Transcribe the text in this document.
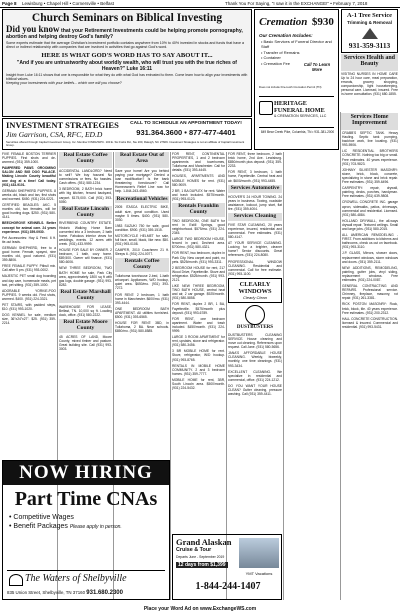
Page 8 Lewisburg • Chapel Hill • Cornersville • Belfast	Thank You For Saying, "I saw it in the EXCHANGE!" • February 7, 2018
Church Seminars on Biblical Investing
Did you know that your Retirement Investments could be helping promote pornography, abortion and helping destroy God's family?
Some experts estimate that the average Christian's investment portfolio contains anywhere from 10% to 40% invested in stocks and funds that have a direct or indirect relationship with companies that are involved in activities that go against God's word.
HERE IS WHAT GOD'S WORD HAS TO SAY ABOUT IT...
"And if you are untrustworthy about worldly wealth, who will trust you with the true riches of Heaven?" Luke 16:11
Insight from Luke 16:11 shows that one is responsible for what they do with what God has entrusted to them. Come learn how to align your investments with biblical values.
Keeping your investments with your beliefs... which one will you choose?
INVESTMENT STRATEGIES
Jim Garrison, CSA, RFC, ED.D
CALL TO SCHEDULE AN APPOINTMENT TODAY!
931.364.3600 • 877-477-4401
Securities offered through Capital Investment Group, Inc. Member FINRA/SIPC. 100 E. Six Forks Rd., Ste 200, Raleigh, NC 27609. Investment Strategies is not an affiliate of Capital Investment Group.
Cremation $930
Our Cremation Includes:
• Basic Services of Funeral Director and Staff
• Transfer of Remains
• Container
• Cremation Fee	Call To Learn More
Does not include Fire-tooth Cremation Permit (TN)
HERITAGE FUNERAL HOME
& CREMATION SERVICES, LLC
849 Bear Creek Pike, Columbia, TN • 931-381-2000
A-1 Tree Service
Trimming & Removal
931-359-3113
Services Health and Beauty

VISITING NURSES IN HOME CARE Up to 24 hour care, meal preparation, errands, grocery shopping, companionship, light housekeeping, personal care. Licensed, insured. Free in-home consultation. (931) 680-1855.

Services Home Improvement

FIVE FEMALE BOSTON TERRIER PUPPIES. First shots and de-wormed. (931) 359-1000.

PAMPERED PAWS GROOMING SALON AND BIG DOG PALACE. Making Lincoln County beautiful one dog at a time! Call today. (931) 433-9101.

GERMAN SHEPHERD PUPPIES. 8 weeks old, black and tan, first shots and wormed. $450. (931) 224-0221.

CERTIFIED BEAGLES: AKC. 5 months old, two females, will be good hunting dogs. $250. (931) 580-4141.

BEECHGROVE KENNELS. Better concept for animal care. 24 years experience. (931) 359-0930.

Pet Accessories: Hay & Feed. 6 ft. tie-out leads.

GERMAN SHEPHERD, free to a good home. Female, spayed, nine months old, good natured. (931) 359-8806.

FREE FEMALE PUPPY. Pitbull mix. Call after 5 pm. (931) 993-0002.

MAJESTIC PET small dog boarding and day care, homemade meals, pet taxi, pet sitting. (931) 359-1000.

ADORABLE YORKIE-POO PUPPIES. 9 weeks old. First shots, wormed. $400. (931) 224-3321.

PET STAIRS, with padded steps, $10. (931) 993-1020.

DOG KENNEL for sale, medium size, 36"x24"x27". $25. (931) 359-2214.

Real Estate Coffee County

ACCIDENTAL LANDLORD? Need to sell? We buy houses! No commissions or fees. No hassles. Cash offers. (931) 580-1234.

3 BEDROOM, 2 BATH brick home with big kitchen, fenced backyard, carport. $175,000. Call (931) 393-5050.

Real Estate Lincoln County

RIVERBEND COUNTRY ESTATE. Historic Walking Horse Barn converted into a 3 bedroom, 2 bath home. Fabulous interior views for weddings, events. 12 acres with creek. (931) 433-9999.

HOUSE FOR SALE BY OWNER. 2 bedroom, 1 bath, cozy home. $89,500. Owner will finance. (931) 580-6006.

NEW THREE BEDROOM, TWO BATH HOME for sale, Park City area, approximately 1800 sq ft with gas logs, double garage. (931) 993-8282.

Real Estate Marshall County

WAREHOUSE FOR LEASE, Belfast, TN. 10,000 sq ft. Loading dock, office. (931) 580-2222.

Real Estate Moore County

45 ACRES OF LAND, Moore County, mixed timber and pasture. Great building site. Call (931) 993-3003.

Real Estate Out of Area

Save your home! Are you behind paying your mortgage? Denied a loan modification? Is the bank threatening foreclosure? Call Homeowner's Relief Line now for help. 1-844-243-4560.

Recreational Vehicles

2005 ITASCA ELECTRIC BIKE, adult size, great condition. Used maybe 5 times. $400. (931) 580-3030.

1983 SUZUKI 750 for sale, good condition. $900. (931) 359-1515.

MOTORCYCLE HELMET for sale, full face, small, black, like new. $50. (931) 993-0108.

CAMPER, 2010 Coachmen 21 ft. Sleeps 6. (931) 224-0077.

Rentals Coffee County

Tullahoma townhouse 2-bed, 1-bath w/carport. Appliances, W/D hookup, quiet area. $650/mo. (931) 393-7272.

FOR RENT: 2 bedroom, 1 bath home in Manchester. $600/mo. (931) 393-4444.

ONE BEDROOM BATH APARTMENT. All utilities furnished. $500. (931) 393-6565.

HOUSE FOR RENT: 3BD, in Tullahoma, 2 BA. Near schools. $850/mo. (931) 580-8585.

FOR RENT, CONTINENTAL PROPERTIES, 1 and 2 bedroom apartments and townhomes, Tullahoma and Manchester. Call for details. (931) 393-4445.

HOUSES, APARTMENTS AND MOBILE HOMES for rent. (931) 580-9009.

2 BR, 1 BA DUPLEX for rent. Water and trash included. $575/month. (931) 993-0123.

Rentals Franklin County

TWO BEDROOM, ONE BATH for rent in Estill Springs, good neighborhood. $575/mo. (931) 224-2345.

LARGE TWO BEDROOM HOUSE, fenced in yard, Decherd area. $700/mo. (931) 580-4321.

FOR RENT, two bedroom, duplex in Park City. New carpet and paint, no pets. $525/month. (931) 993-3311.

2 BEDROOM HOUSE for rent, 217 Wood Drive, Fayetteville. Stove and refrigerator. $525/month. (931) 993-2121.

LIKE NEW THREE BEDROOM, TWO BATH HOUSE, central heat and air, 2 car garage. $925/month. (931) 580-5858.

FOR RENT, duplex 2 BR, 1 BA, Fayetteville. $575/month plus deposit. (931) 993-6789.

FOR RENT, one bedroom apartment. Water and trash included. $450/month. (931) 224-9999.

LARGE 3 ROOM APARTMENT for rent, upstairs, stove and refrigerator. (931) 580-3456.

3 BR MOBILE HOME for rent. Stove, refrigerator, W/D hookup. (931) 993-8765.

RENTALS IN MOBILE HOME COMMUNITY. 2 and 3 bedroom homes. (931) 359-7777.

MOBILE HOME for rent, 3BR, South Lincoln area. $500/month. (931) 224-5432.

FOR RENT, three bedroom, 2 bath brick home, 2nd Ave. Lewisburg. $850/month plus deposit. (931) 359-2233.

FOR RENT, 3 bedroom, 1 bath home, Fayetteville. Central heat and air. $600/month. (931) 993-4455.

Services Automotive

HOOVER'S 24 HOUR TOWING. 24 years in business. Towing, roadside assistance, lockout, jump start, flat tire. (931) 359-4004.

Services Cleaning

FIVE STAR CLEANING, 20 years experience, insured, residential and commercial. Free estimates. (931) 580-4147.

AT YOUR SERVICE CLEANING. Looking for a brighter, cleaner home? Senior discounts. Great references. (931) 224-8080.

PROFESSIONAL WINDOW CLEANING. Residential and commercial. Call for free estimate. (931) 993-1100.

CLEARLY WINDOWS
Clearly Clean
DUSTBUSTERS

DUSTBUSTERS CLEANING SERVICE. House cleaning and move out cleaning. References upon request. Call Jane. (931) 580-5656.

JANA'S AFFORDABLE HOUSE CLEANING. Weekly, biweekly, monthly, one time cleanings. (931) 993-3434.

EXCELLENT CLEANING. We specialize in residential and commercial, office. (931) 224-1212.

DO YOU WANT YOUR HOUSE CLEAN? Gutter cleaning, pressure washing. Call (931) 359-4411.

CRABB'S SEPTIC TANK. Heavy Hauling. Septic tank pumping, backhoe work, line locating. (931) 993-5906.

LIC RESIDENTIAL BROTHERS CONCRETE. Nothing too big or small. Free estimates. 40 years experience. (931) 703-9823.

JOHNNY SILVESTER MASONRY: stone, brick, block, concrete, specializing in stone and brick repair. Free estimates. (931) 359-6496.

CARPENTRY: repair, drywall, painting, decks, porches, handyman. Free estimates. (931) 639-9808.

CROWELL CONCRETE INC. garage apron, sidewalks, patios, driveways, commercial and residential. Licensed. (931) 580-4884.

HOLLAND DRYWALL, the all-ways drywall repair. Textured ceilings. Small and large jobs. (931) 580-2015.

ALL AMERICAN REMODELING - FIRST. From additions to kitchens and bathrooms, check us out on facebook. (931) 993-3110.

J.P. GLASS, Mirrors, shower doors, replacement windows, storm windows and doors. (931) 359-2111.

NEW ADDITIONS, REMODELING, painting, gutter jobs, vinyl siding, replacement windows. Free estimates. (931) 224-0087.

GENERAL CONTRACTING AND REPAIRS. Professional service. Chimney, fireplace, masonry, rot repair. (931) 261-3381.

RICK POSTON MASONRY: Rock, brick, block, tile. 40 years experience. Free estimates. (931) 200-2312.

HALL CONCRETE CONSTRUCTION. licensed & insured. Commercial and residential. (931) 993-5431.

NOW HIRING
Part Time CNAs
• Competitive Wages
• Benefit Packages Please apply in person.
The Waters of Shelbyville
835 Union Street, Shelbyville, TN 37160 931.680.2300
Grand Alaskan
Cruise & Tour
Departs June - September 2019
12 days from $1,399
YMT Vacations
1-844-244-1407
Place your Word Ad on www.ExchangeWS.com
